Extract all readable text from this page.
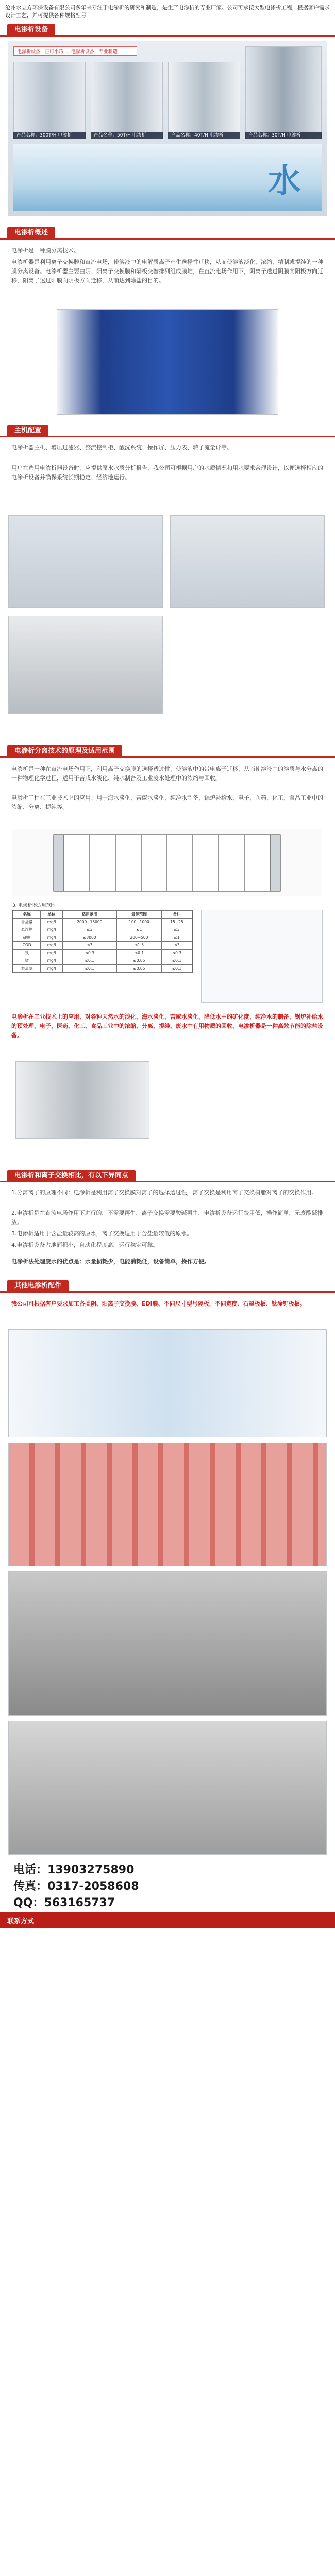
沧州水立方环保设备有限公司多年来专注于电渗析的研究和制造，是生产电渗析的专业厂家。公司可承接大型电渗析工程，根据客户需求设计工艺，并可提供各种规格型号。
电渗析设备
电渗析设备，正可小巧 — 电渗析设备，专业制造
产品名称：300T/H 电渗析	产品名称：50T/H 电渗析	产品名称：40T/H 电渗析	产品名称：30T/H 电渗析
水
电渗析概述
电渗析是一种膜分离技术。
电渗析器是利用离子交换膜和直流电场，使溶液中的电解质离子产生选择性迁移，从而使溶液淡化、浓缩、精制或提纯的一种膜分离设备。电渗析器主要由阴、阳离子交换膜和隔板交替排列组成膜堆，在直流电场作用下，阴离子透过阴膜向阳极方向迁移，阳离子透过阳膜向阴极方向迁移，从而达到除盐的目的。
主机配置
电渗析器主机、增压过滤器、整流控制柜、酸洗系统、操作屏、压力表、转子流量计等。
用户在选用电渗析器设备时，应提供原水水质分析报告，我公司可根据用户的水质情况和用水要求合理设计，以便选择相应的电渗析设备并确保系统长期稳定、经济地运行。
电渗析分离技术的原理及适用范围
电渗析是一种在直流电场作用下，利用离子交换膜的选择透过性，使溶液中的带电离子迁移，从而使溶液中的溶质与水分离的一种物理化学过程，适用于苦咸水淡化、纯水制备及工业废水处理中的浓缩与回收。
电渗析工程在工业技术上的应用：用于海水淡化、苦咸水淡化、纯净水制备、锅炉补给水、电子、医药、化工、食品工业中的浓缩、分离、提纯等。
3. 电渗析器适用范围
名称	单位	适用范围	最佳范围	备注
含盐量	mg/l	2000~15000	100~1000	15~25
悬浮物	mg/l	≤3	≤1	≤3
硬度	mg/l	≤3000	200~500	≤1
COD	mg/l	≤3	≤1.5	≤3
铁	mg/l	≤0.3	≤0.1	≤0.3
锰	mg/l	≤0.1	≤0.05	≤0.1
游离氯	mg/l	≤0.1	≤0.05	≤0.1
电渗析在工业技术上的应用，对各种天然水的淡化，海水淡化，苦咸水淡化，降低水中的矿化度，纯净水的制备，锅炉补给水的预处理，电子、医药、化工、食品工业中的浓缩、分离、提纯，废水中有用物质的回收，电渗析器是一种高效节能的除盐设备。
电渗析和离子交换相比，有以下异同点
1.分离离子的原理不同：电渗析是利用离子交换膜对离子的选择透过性，离子交换是利用离子交换树脂对离子的交换作用。
2.电渗析是在直流电场作用下进行的，不需要再生，离子交换需要酸碱再生，电渗析设备运行费用低，操作简单，无废酸碱排放。
3.电渗析适用于含盐量较高的原水，离子交换适用于含盐量较低的原水。
4.电渗析设备占地面积小，自动化程度高，运行稳定可靠。
电渗析法处理废水的优点是：水量损耗少，电能消耗低，设备简单，操作方便。
其他电渗析配件
我公司可根据客户要求加工各类阴、阳离子交换膜、EDI膜、不同尺寸型号隔板，不同宽度、石墨极板、钛涂钌极板。
电话：13903275890
传真：0317-2058608
QQ：563165737
联系方式
